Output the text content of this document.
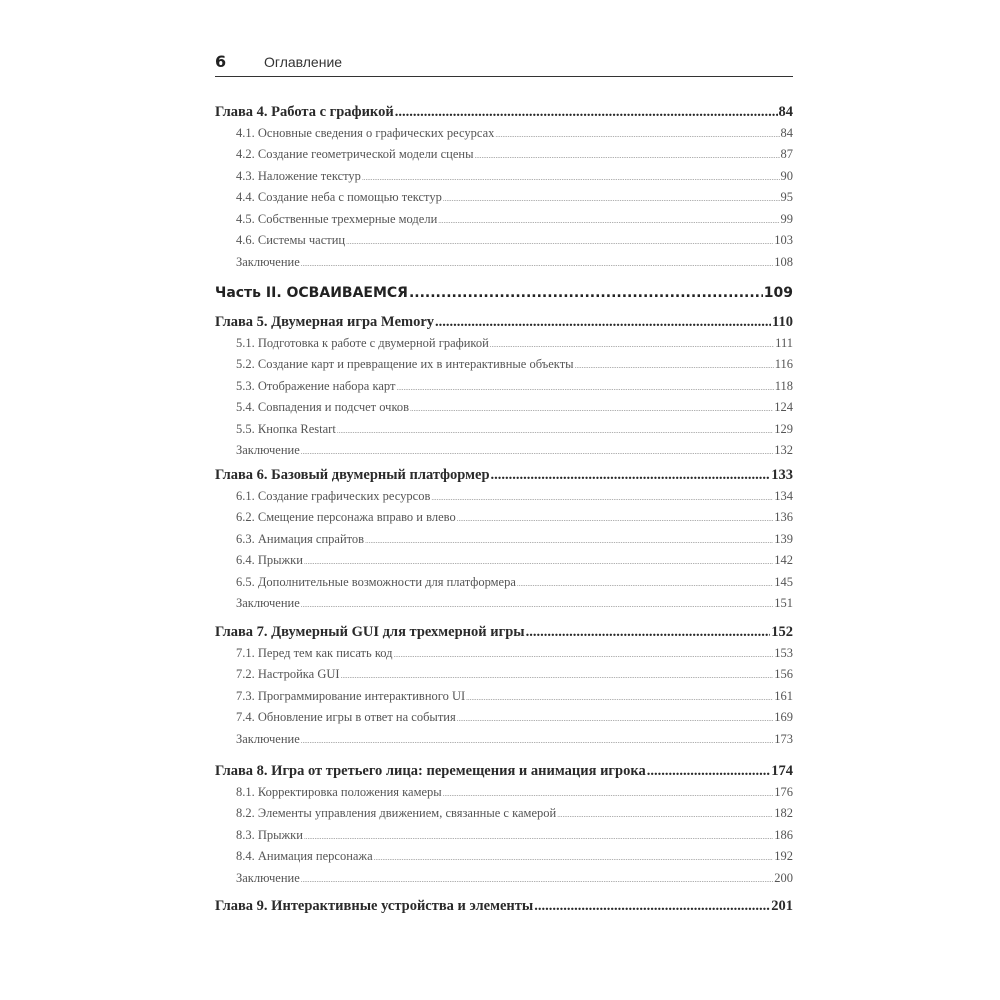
6	Оглавление
Глава 4. Работа с графикой .....	84
4.1. Основные сведения о графических ресурсах .....	84
4.2. Создание геометрической модели сцены .....	87
4.3. Наложение текстур .....	90
4.4. Создание неба с помощью текстур .....	95
4.5. Собственные трехмерные модели .....	99
4.6. Системы частиц .....	103
Заключение .....	108
Часть II. ОСВАИВАЕМСЯ .....	109
Глава 5. Двумерная игра Memory .....	110
5.1. Подготовка к работе с двумерной графикой .....	111
5.2. Создание карт и превращение их в интерактивные объекты .....	116
5.3. Отображение набора карт .....	118
5.4. Совпадения и подсчет очков .....	124
5.5. Кнопка Restart .....	129
Заключение .....	132
Глава 6. Базовый двумерный платформер .....	133
6.1. Создание графических ресурсов .....	134
6.2. Смещение персонажа вправо и влево .....	136
6.3. Анимация спрайтов .....	139
6.4. Прыжки .....	142
6.5. Дополнительные возможности для платформера .....	145
Заключение .....	151
Глава 7. Двумерный GUI для трехмерной игры .....	152
7.1. Перед тем как писать код .....	153
7.2. Настройка GUI .....	156
7.3. Программирование интерактивного UI .....	161
7.4. Обновление игры в ответ на события .....	169
Заключение .....	173
Глава 8. Игра от третьего лица: перемещения и анимация игрока .....	174
8.1. Корректировка положения камеры .....	176
8.2. Элементы управления движением, связанные с камерой .....	182
8.3. Прыжки .....	186
8.4. Анимация персонажа .....	192
Заключение .....	200
Глава 9. Интерактивные устройства и элементы .....	201
